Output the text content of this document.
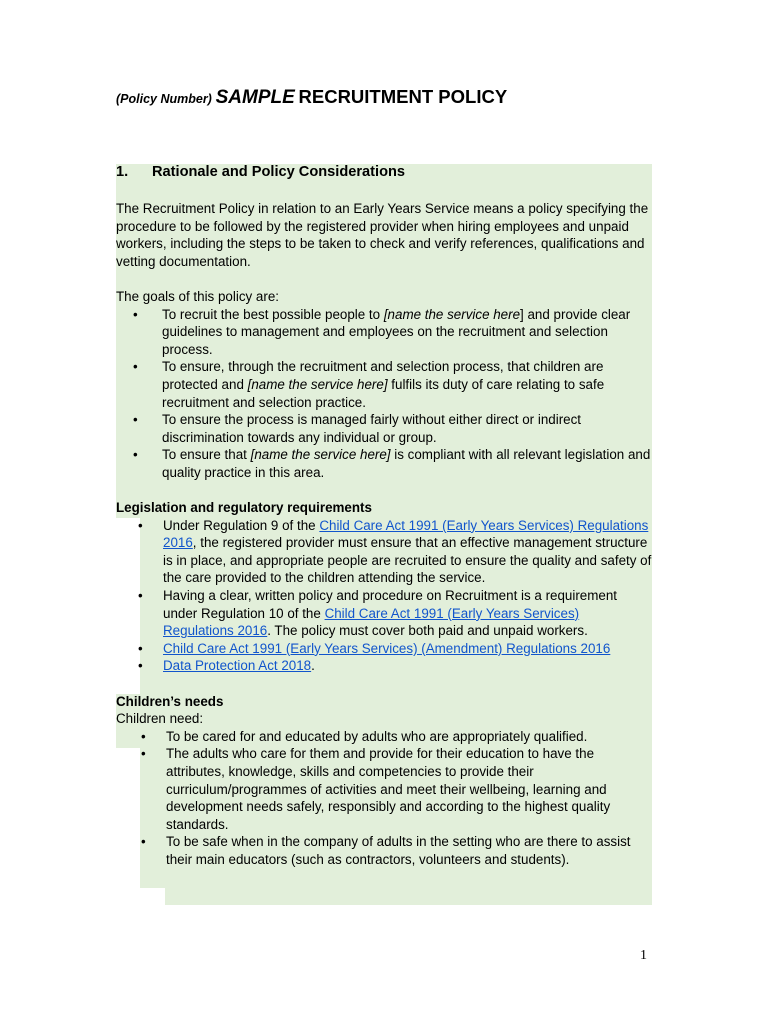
(Policy Number) SAMPLE RECRUITMENT POLICY
1. Rationale and Policy Considerations

The Recruitment Policy in relation to an Early Years Service means a policy specifying the procedure to be followed by the registered provider when hiring employees and unpaid workers, including the steps to be taken to check and verify references, qualifications and vetting documentation.

The goals of this policy are:

• To recruit the best possible people to [name the service here] and provide clear guidelines to management and employees on the recruitment and selection process.
• To ensure, through the recruitment and selection process, that children are protected and [name the service here] fulfils its duty of care relating to safe recruitment and selection practice.
• To ensure the process is managed fairly without either direct or indirect discrimination towards any individual or group.
• To ensure that [name the service here] is compliant with all relevant legislation and quality practice in this area.

Legislation and regulatory requirements

• Under Regulation 9 of the Child Care Act 1991 (Early Years Services) Regulations 2016, the registered provider must ensure that an effective management structure is in place, and appropriate people are recruited to ensure the quality and safety of the care provided to the children attending the service.
• Having a clear, written policy and procedure on Recruitment is a requirement under Regulation 10 of the Child Care Act 1991 (Early Years Services) Regulations 2016. The policy must cover both paid and unpaid workers.
• Child Care Act 1991 (Early Years Services) (Amendment) Regulations 2016
• Data Protection Act 2018.

Children’s needs

Children need:

• To be cared for and educated by adults who are appropriately qualified.
• The adults who care for them and provide for their education to have the attributes, knowledge, skills and competencies to provide their curriculum/programmes of activities and meet their wellbeing, learning and development needs safely, responsibly and according to the highest quality standards.
• To be safe when in the company of adults in the setting who are there to assist their main educators (such as contractors, volunteers and students).
1
